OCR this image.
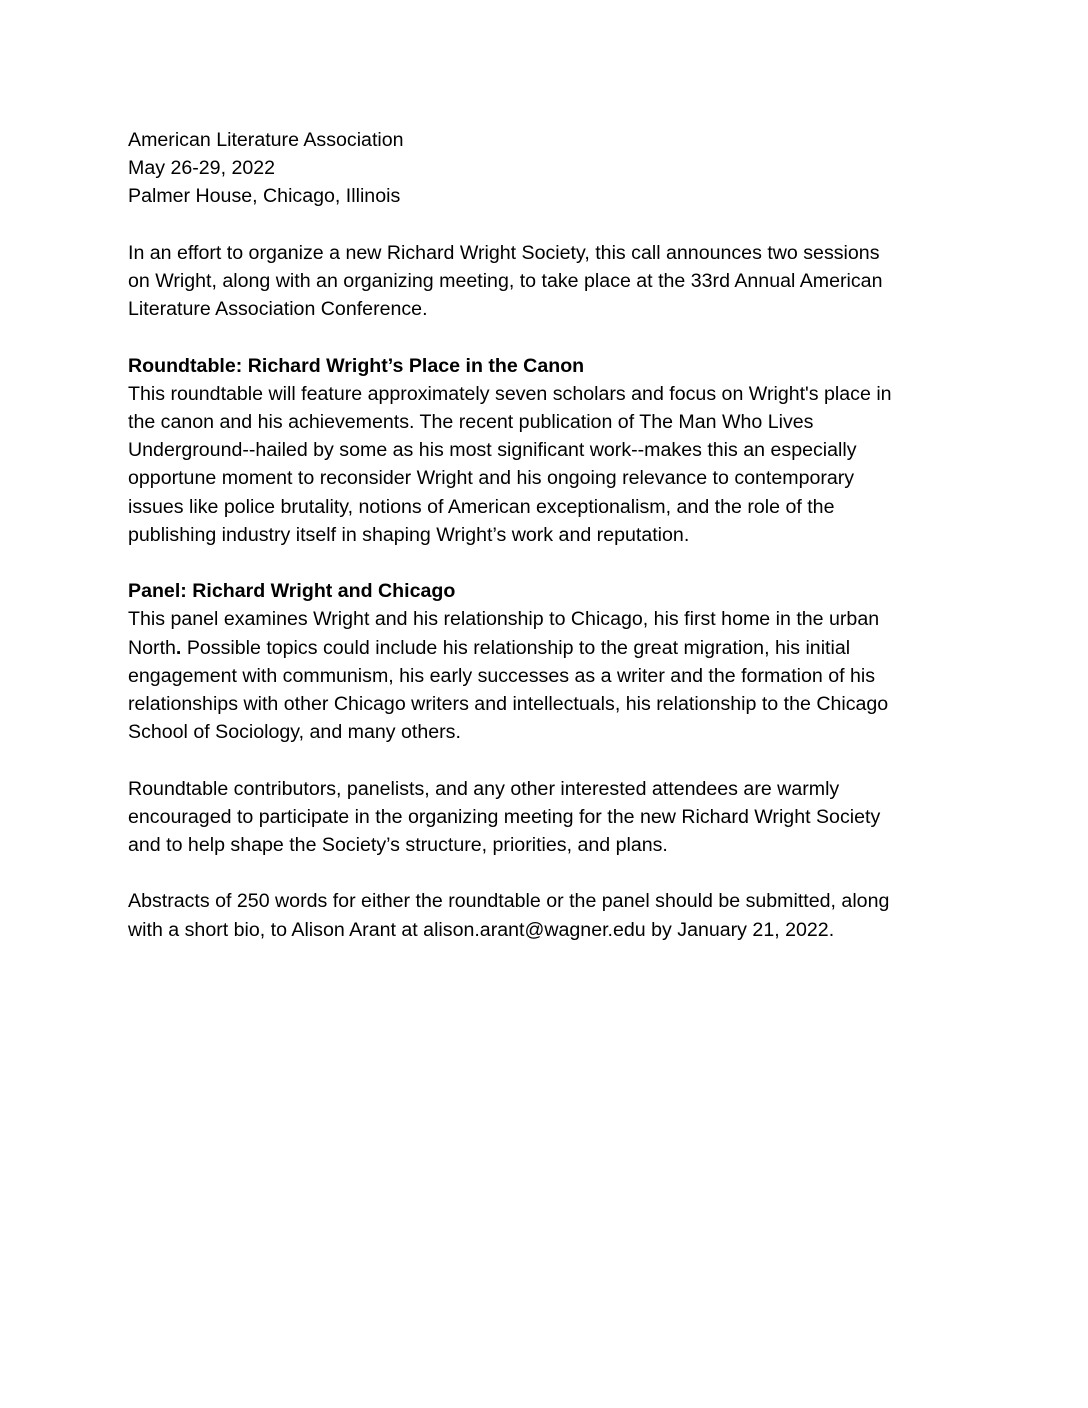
American Literature Association
May 26-29, 2022
Palmer House, Chicago, Illinois
In an effort to organize a new Richard Wright Society, this call announces two sessions
on Wright, along with an organizing meeting, to take place at the 33rd Annual American
Literature Association Conference.
Roundtable: Richard Wright’s Place in the Canon
This roundtable will feature approximately seven scholars and focus on Wright's place in
the canon and his achievements. The recent publication of The Man Who Lives
Underground--hailed by some as his most significant work--makes this an especially
opportune moment to reconsider Wright and his ongoing relevance to contemporary
issues like police brutality, notions of American exceptionalism, and the role of the
publishing industry itself in shaping Wright’s work and reputation.
Panel: Richard Wright and Chicago
This panel examines Wright and his relationship to Chicago, his first home in the urban
North. Possible topics could include his relationship to the great migration, his initial
engagement with communism, his early successes as a writer and the formation of his
relationships with other Chicago writers and intellectuals, his relationship to the Chicago
School of Sociology, and many others.
Roundtable contributors, panelists, and any other interested attendees are warmly
encouraged to participate in the organizing meeting for the new Richard Wright Society
and to help shape the Society’s structure, priorities, and plans.
Abstracts of 250 words for either the roundtable or the panel should be submitted, along
with a short bio, to Alison Arant at alison.arant@wagner.edu by January 21, 2022.
